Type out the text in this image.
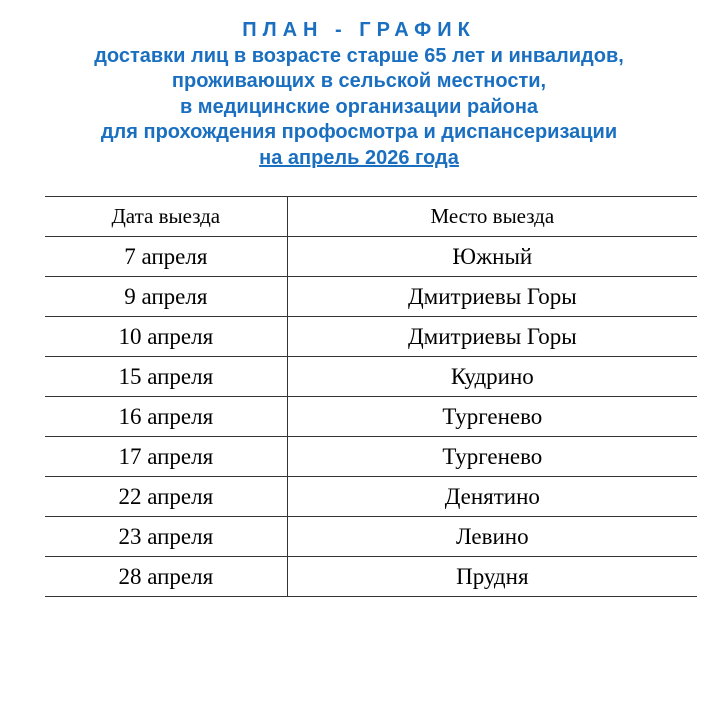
ПЛАН - ГРАФИК
доставки лиц в возрасте старше 65 лет и инвалидов,
проживающих в сельской местности,
в медицинские организации района
для прохождения профосмотра и диспансеризации
на апрель 2026 года
Дата выезда	Место выезда
7 апреля	Южный
9 апреля	Дмитриевы Горы
10 апреля	Дмитриевы Горы
15 апреля	Кудрино
16 апреля	Тургенево
17 апреля	Тургенево
22 апреля	Денятино
23 апреля	Левино
28 апреля	Прудня
